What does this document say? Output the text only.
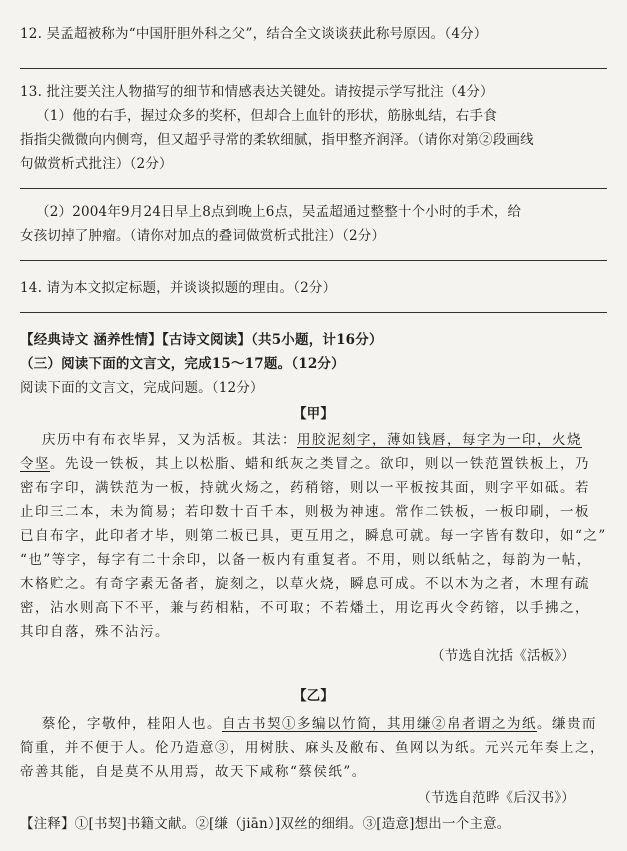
12. 吴孟超被称为“中国肝胆外科之父”，结合全文谈谈获此称号原因。（4分）
13. 批注要关注人物描写的细节和情感表达关键处。请按提示学写批注（4分）
（1）他的右手，握过众多的奖杯，但却合上血针的形状，筋脉虬结，右手食
指指尖微微向内侧弯，但又超乎寻常的柔软细腻，指甲整齐润泽。（请你对第②段画线
句做赏析式批注）（2分）
（2）2004年9月24日早上8点到晚上6点，吴孟超通过整整十个小时的手术，给
女孩切掉了肿瘤。（请你对加点的叠词做赏析式批注）（2分）
14. 请为本文拟定标题，并谈谈拟题的理由。（2分）
【经典诗文 涵养性情】【古诗文阅读】（共5小题，计16分）
（三）阅读下面的文言文，完成15～17题。（12分）
阅读下面的文言文，完成问题。（12分）
【甲】
庆历中有布衣毕昇，又为活板。其法：用胶泥刻字，薄如钱唇，每字为一印，火烧
令坚。先设一铁板，其上以松脂、蜡和纸灰之类冒之。欲印，则以一铁范置铁板上，乃
密布字印，满铁范为一板，持就火炀之，药稍镕，则以一平板按其面，则字平如砥。若
止印三二本，未为简易；若印数十百千本，则极为神速。常作二铁板，一板印刷，一板
已自布字，此印者才毕，则第二板已具，更互用之，瞬息可就。每一字皆有数印，如“之”
“也”等字，每字有二十余印，以备一板内有重复者。不用，则以纸帖之，每韵为一帖，
木格贮之。有奇字素无备者，旋刻之，以草火烧，瞬息可成。不以木为之者，木理有疏
密，沾水则高下不平，兼与药相粘，不可取；不若燔土，用讫再火令药镕，以手拂之，
其印自落，殊不沾污。
（节选自沈括《活板》）
【乙】
蔡伦，字敬仲，桂阳人也。自古书契①多编以竹简，其用缣②帛者谓之为纸。缣贵而
简重，并不便于人。伦乃造意③，用树肤、麻头及敝布、鱼网以为纸。元兴元年奏上之，
帝善其能，自是莫不从用焉，故天下咸称“蔡侯纸”。
（节选自范晔《后汉书》）
【注释】①[书契]书籍文献。②[缣（jiān）]双丝的细绢。③[造意]想出一个主意。
